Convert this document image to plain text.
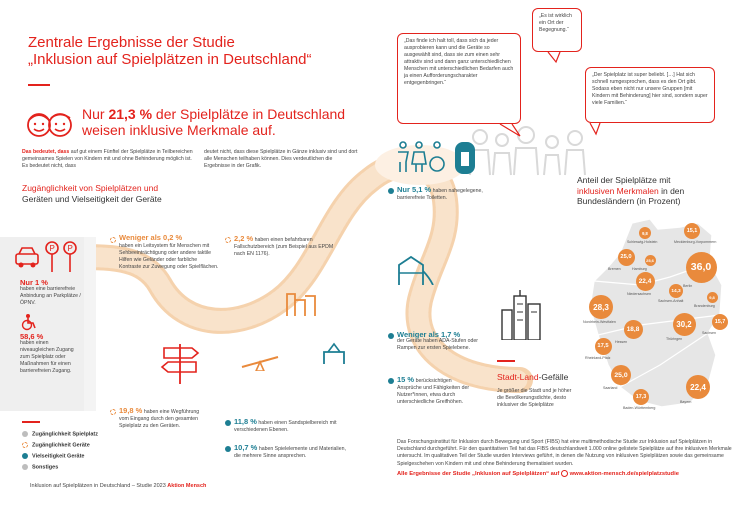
Zentrale Ergebnisse der Studie
„Inklusion auf Spielplätzen in Deutschland“
„Das finde ich halt toll, dass sich da jeder ausprobieren kann und die Geräte so ausgewählt sind, dass sie zum einen sehr attraktiv sind und dann ganz unterschiedlichen Menschen mit unterschiedlichen Bedarfen auch ja einen Aufforderungscharakter entgegenbringen.“
„Es ist wirklich ein Ort der Begegnung.“
„Der Spielplatz ist super beliebt. […] Hat sich schnell rumgesprochen, dass es den Ort gibt. Sodass eben nicht nur unsere Gruppen [mit Kindern mit Behinderung] hier sind, sondern super viele Familien.“
Nur 21,3 % der Spielplätze in Deutschland
weisen inklusive Merkmale auf.
Das bedeutet, dass auf gut einem Fünftel der Spielplätze in Teilbereichen gemeinsames Spielen von Kindern mit und ohne Behinderung möglich ist. Es bedeutet nicht, dass
deutet nicht, dass diese Spielplätze in Gänze inklusiv sind und dort alle Menschen teilhaben können. Dies verdeutlichen die Ergebnisse in der Grafik.
Zugänglichkeit von Spielplätzen und
Geräten und Vielseitigkeit der Geräte
P P
Nur 1 %
haben eine barrierefreie Anbindung an Parkplätze / ÖPNV.
58,6 %
haben einen niveaugleichen Zugang zum Spielplatz oder Maßnahmen für einen barrierefreien Zugang.
Weniger als 0,2 %
haben ein Leitsystem für Menschen mit Sehbeeinträchtigung oder andere taktile Hilfen wie Geländer oder farbliche Kontraste zur Zuwegung oder Spielflächen.
2,2 % haben einen befahrbaren Fallschutzbereich (zum Beispiel aus EPDM nach EN 1176).
Nur 5,1 % haben nahegelegene, barrierefreie Toiletten.
Weniger als 1,7 %
der Geräte haben ADA-Stufen oder Rampen zur ersten Spielebene.
15 % berücksichtigen Ansprüche und Fähigkeiten der Nutzer*innen, etwa durch unterschiedliche Greifhöhen.
19,8 % haben eine Wegführung vom Eingang durch den gesamten Spielplatz zu den Geräten.	11,8 % haben einen Sandspielbereich mit verschiedenen Ebenen.
10,7 % haben Spielelemente und Materialien, die mehrere Sinne ansprechen.
Stadt-Land-Gefälle
Je größer die Stadt und je höher die Bevölkerungsdichte, desto inklusiver die Spielplätze
Anteil der Spielplätze mit
inklusiven Merkmalen in den Bundesländern (in Prozent)
9,8
Schleswig-Holstein
15,1
Mecklenburg-Vorpommern
25,6
Hamburg
25,0
Bremen
22,4
Niedersachsen
36,0
Berlin
9,8
Brandenburg
14,3
Sachsen-Anhalt
28,3
Nordrhein-Westfalen
18,8
Hessen
30,2
Thüringen
15,7
Sachsen
17,5
Rheinland-Pfalz
25,0
Saarland	22,4
Bayern
17,3
Baden-Württemberg
Zugänglichkeit Spielplatz
Zugänglichkeit Geräte
Vielseitigkeit Geräte
Sonstiges
Das Forschungsinstitut für Inklusion durch Bewegung und Sport (FIBS) hat eine multimethodische Studie zur Inklusion auf Spielplätzen in Deutschland durchgeführt. Für den quantitativen Teil hat das FIBS deutschlandweit 1.000 online gelistete Spielplätze auf ihre inklusiven Merkmale untersucht. Im qualitativen Teil der Studie wurden Interviews geführt, in denen die Nutzung von inklusiven Spielplätzen sowie das gemeinsame Spielgeschehen von Kindern mit und ohne Behinderung thematisiert wurden.
Alle Ergebnisse der Studie „Inklusion auf Spielplätzen“ auf www.aktion-mensch.de/spielplatzstudie
Inklusion auf Spielplätzen in Deutschland – Studie 2023 Aktion Mensch
